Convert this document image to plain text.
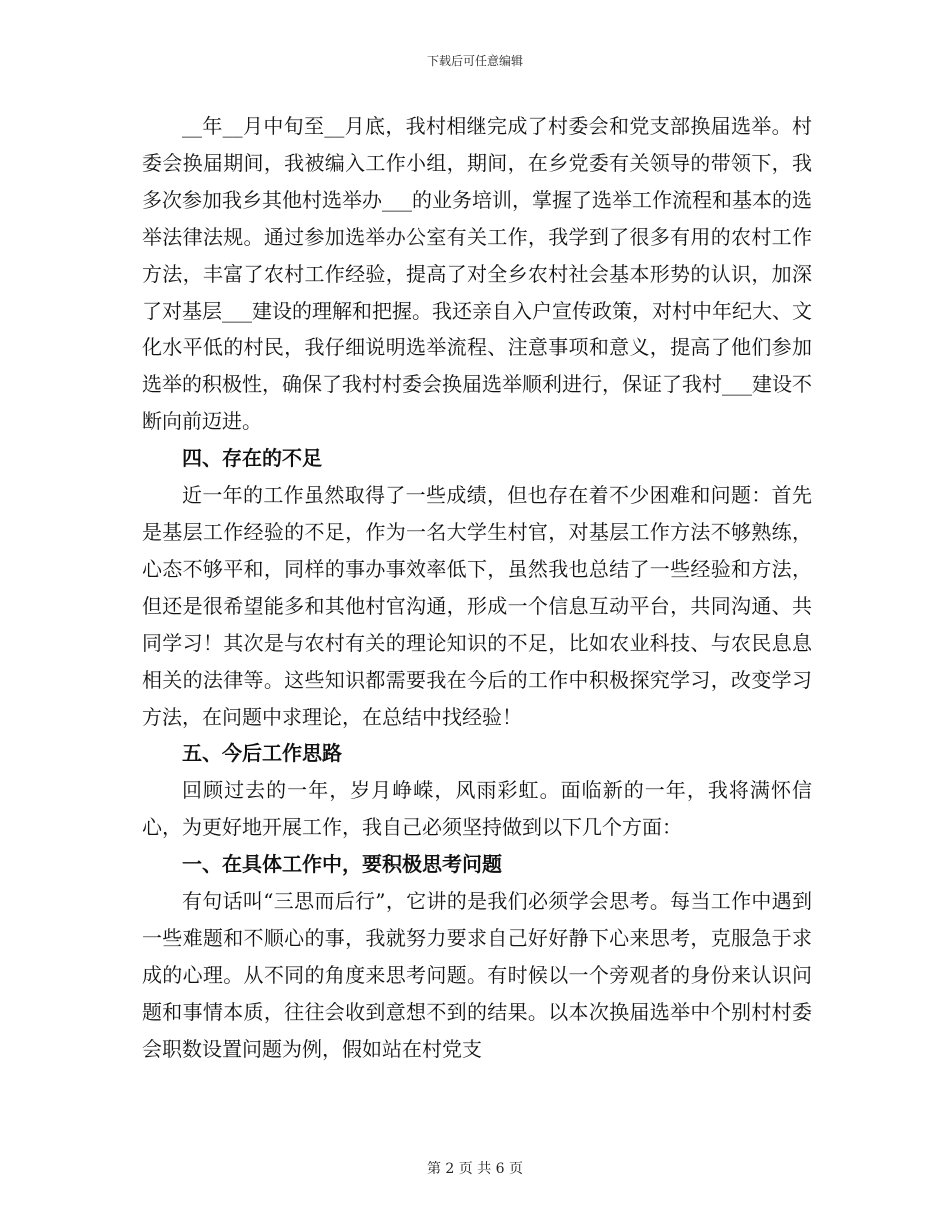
下载后可任意编辑

__年__月中旬至__月底，我村相继完成了村委会和党支部换届选举。村委会换届期间，我被编入工作小组，期间，在乡党委有关领导的带领下，我多次参加我乡其他村选举办___的业务培训，掌握了选举工作流程和基本的选举法律法规。通过参加选举办公室有关工作，我学到了很多有用的农村工作方法，丰富了农村工作经验，提高了对全乡农村社会基本形势的认识，加深了对基层___建设的理解和把握。我还亲自入户宣传政策，对村中年纪大、文化水平低的村民，我仔细说明选举流程、注意事项和意义，提高了他们参加选举的积极性，确保了我村村委会换届选举顺利进行，保证了我村___建设不断向前迈进。

四、存在的不足

近一年的工作虽然取得了一些成绩，但也存在着不少困难和问题：首先是基层工作经验的不足，作为一名大学生村官，对基层工作方法不够熟练，心态不够平和，同样的事办事效率低下，虽然我也总结了一些经验和方法，但还是很希望能多和其他村官沟通，形成一个信息互动平台，共同沟通、共同学习！其次是与农村有关的理论知识的不足，比如农业科技、与农民息息相关的法律等。这些知识都需要我在今后的工作中积极探究学习，改变学习方法，在问题中求理论，在总结中找经验！

五、今后工作思路

回顾过去的一年，岁月峥嵘，风雨彩虹。面临新的一年，我将满怀信心，为更好地开展工作，我自己必须坚持做到以下几个方面：

一、在具体工作中，要积极思考问题

有句话叫“三思而后行”，它讲的是我们必须学会思考。每当工作中遇到一些难题和不顺心的事，我就努力要求自己好好静下心来思考，克服急于求成的心理。从不同的角度来思考问题。有时候以一个旁观者的身份来认识问题和事情本质，往往会收到意想不到的结果。以本次换届选举中个别村村委会职数设置问题为例，假如站在村党支

第 2 页 共 6 页
